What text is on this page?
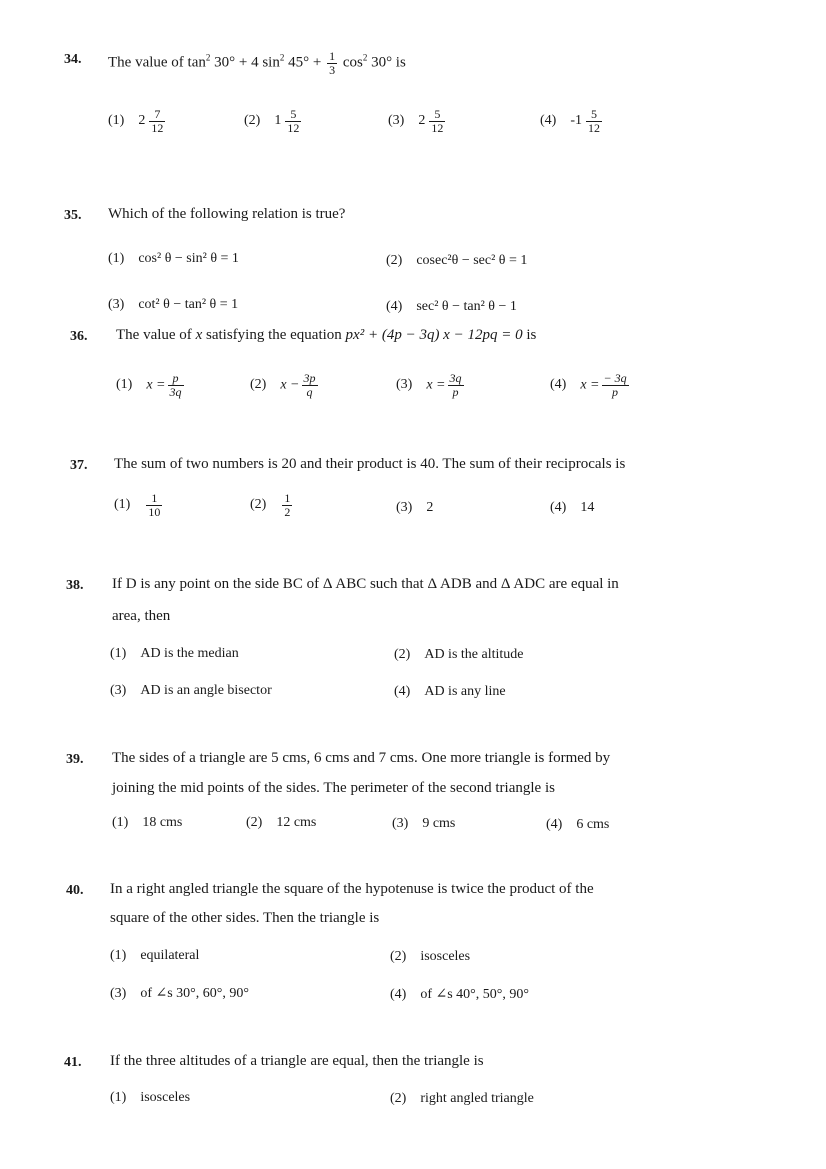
34. The value of $\tan^2 30^\circ + 4$ $\sin^2 45^\circ + \frac{1}{3} \cos^2 30^\circ$ is
(1) $2 \frac{7}{12}$	(2) $1 \frac{5}{12}$	(3) $2 \frac{5}{12}$	(4) $-1 \frac{5}{12}$
35. Which of the following relation is true?
(1) cos² θ − sin² θ = 1	(2) cosec²θ − sec² θ = 1
(3) cot² θ − tan² θ = 1	(4) sec² θ − tan² θ − 1
36. The value of x satisfying the equation px² + (4p − 3q) x − 12pq = 0 is
(1) $x = \frac{p}{3q}$	(2) $x - \frac{3p}{q}$	(3) $x = \frac{3q}{p}$	(4) $x = \frac{- 3q}{p}$
37. The sum of two numbers is 20 and their product is 40. The sum of their reciprocals is
$(1) \frac{1}{10}$	$(2) \frac{1}{2}$	(3) 2	(4) 14
38. If D is any point on the side BC of Δ ABC such that Δ ADB and Δ ADC are equal in
area, then
(1) AD is the median	(2) AD is the altitude
(3) AD is an angle bisector	(4) AD is any line
39. The sides of a triangle are 5 cms, 6 cms and 7 cms. One more triangle is formed by
joining the mid points of the sides. The perimeter of the second triangle is
(1) 18 cms	(2) 12 cms	(3) 9 cms	(4) 6 cms
40. In a right angled triangle the square of the hypotenuse is twice the product of the
square of the other sides. Then the triangle is
(1) equilateral	(2) isosceles
(3) of ∠s 30°, 60°, 90°	(4) of ∠s 40°, 50°, 90°
41. If the three altitudes of a triangle are equal, then the triangle is
(1) isosceles	(2) right angled triangle
